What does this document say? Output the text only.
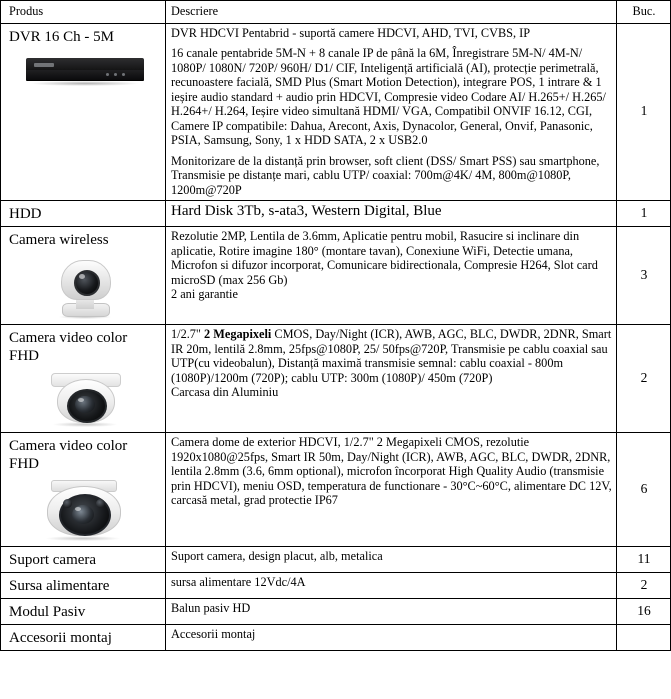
Produs	Descriere	Buc.

DVR 16 Ch - 5M	DVR HDCVI Pentabrid - suportă camere HDCVI, AHD, TVI, CVBS, IP

16 canale pentabride 5M-N + 8 canale IP de până la 6M, Înregistrare 5M-N/ 4M-N/ 1080P/ 1080N/ 720P/ 960H/ D1/ CIF, Inteligență artificială (AI), protecție perimetrală, recunoastere facială, SMD Plus (Smart Motion Detection), integrare POS, 1 intrare & 1 ieșire audio standard + audio prin HDCVI, Compresie video Codare AI/ H.265+/ H.265/ H.264+/ H.264, Ieșire video simultană HDMI/ VGA, Compatibil ONVIF 16.12, CGI, Camere IP compatibile: Dahua, Arecont, Axis, Dynacolor, General, Onvif, Panasonic, PSIA, Samsung, Sony, 1 x HDD SATA, 2 x USB2.0

Monitorizare de la distanță prin browser, soft client (DSS/ Smart PSS) sau smartphone, Transmisie pe distanțe mari, cablu UTP/ coaxial: 700m@4K/ 4M, 800m@1080P, 1200m@720P	1

HDD	Hard Disk 3Tb, s-ata3, Western Digital, Blue	1

Camera wireless	Rezolutie 2MP, Lentila de 3.6mm, Aplicatie pentru mobil, Rasucire si inclinare din aplicatie, Rotire imagine 180° (montare tavan), Conexiune WiFi, Detectie umana, Microfon si difuzor incorporat, Comunicare bidirectionala, Compresie H264, Slot card microSD (max 256 Gb)

2 ani garantie	3

Camera video color FHD	1/2.7" 2 Megapixeli CMOS, Day/Night (ICR), AWB, AGC, BLC, DWDR, 2DNR, Smart IR 20m, lentilă 2.8mm, 25fps@1080P, 25/ 50fps@720P, Transmisie pe cablu coaxial sau UTP(cu videobalun), Distanță maximă transmisie semnal: cablu coaxial - 800m (1080P)/1200m (720P); cablu UTP: 300m (1080P)/ 450m (720P)

Carcasa din Aluminiu	2

Camera video color FHD	Camera dome de exterior HDCVI, 1/2.7" 2 Megapixeli CMOS, rezolutie 1920x1080@25fps, Smart IR 50m, Day/Night (ICR), AWB, AGC, BLC, DWDR, 2DNR, lentila 2.8mm (3.6, 6mm optional), microfon încorporat High Quality Audio (transmisie prin HDCVI), meniu OSD, temperatura de functionare - 30°C~60°C, alimentare DC 12V, carcasă metal, grad protectie IP67	6

Suport camera	Suport camera, design placut, alb, metalica	11

Sursa alimentare	sursa alimentare 12Vdc/4A	2

Modul Pasiv	Balun pasiv HD	16

Accesorii montaj	Accesorii montaj	
